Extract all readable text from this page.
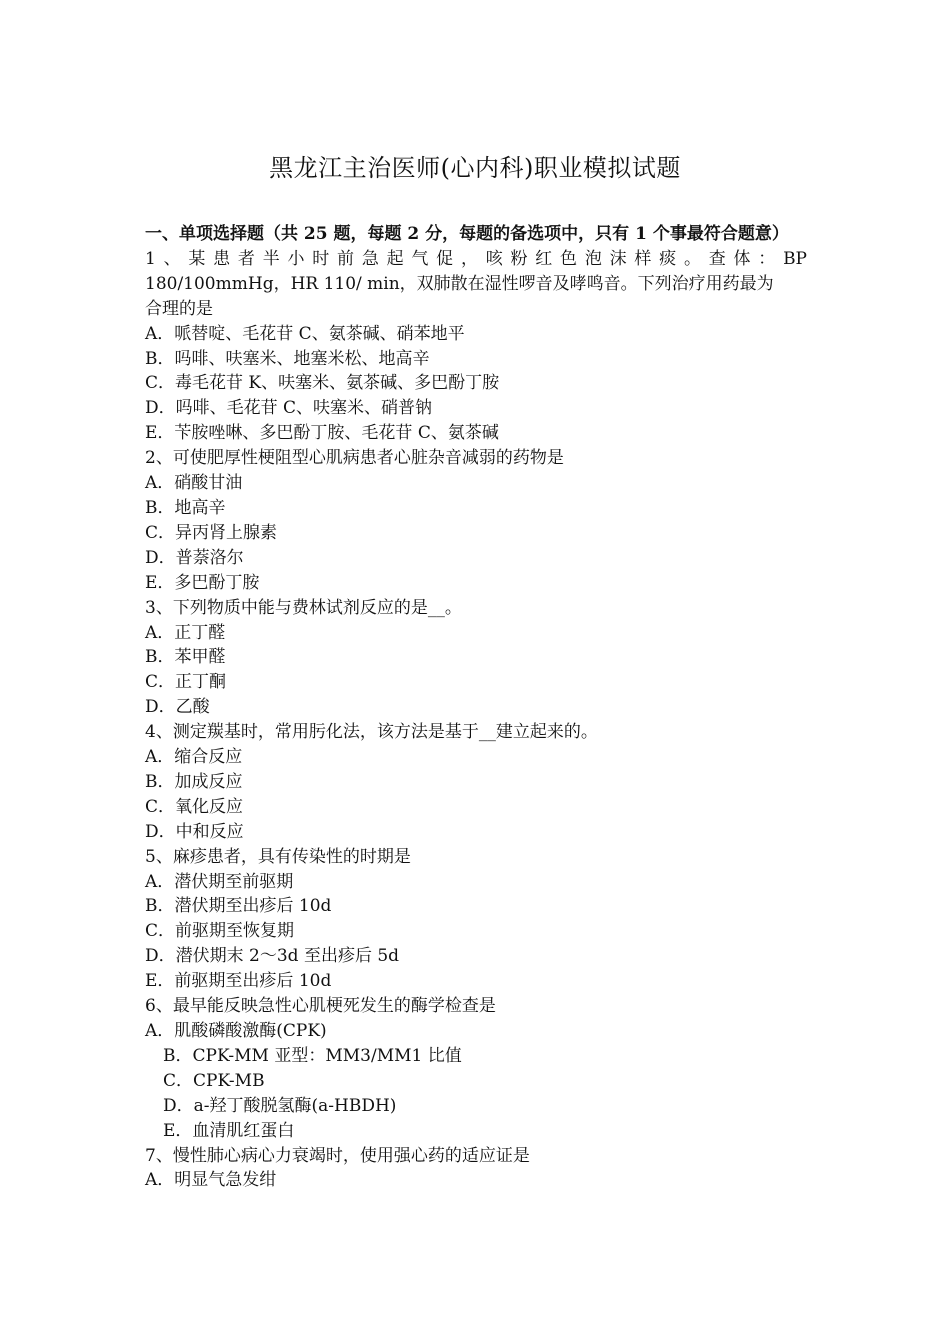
黑龙江主治医师(心内科)职业模拟试题
一、单项选择题（共 25 题，每题 2 分，每题的备选项中，只有 1 个事最符合题意）
1、某患者半小时前急起气促，咳粉红色泡沫样痰。查体：BP
180/100mmHg，HR 110/ min，双肺散在湿性啰音及哮鸣音。下列治疗用药最为
合理的是
A．哌替啶、毛花苷 C、氨茶碱、硝苯地平
B．吗啡、呋塞米、地塞米松、地高辛
C．毒毛花苷 K、呋塞米、氨茶碱、多巴酚丁胺
D．吗啡、毛花苷 C、呋塞米、硝普钠
E．苄胺唑啉、多巴酚丁胺、毛花苷 C、氨茶碱
2、可使肥厚性梗阻型心肌病患者心脏杂音减弱的药物是
A．硝酸甘油
B．地高辛
C．异丙肾上腺素
D．普萘洛尔
E．多巴酚丁胺
3、下列物质中能与费林试剂反应的是__。
A．正丁醛
B．苯甲醛
C．正丁酮
D．乙酸
4、测定羰基时，常用肟化法，该方法是基于__建立起来的。
A．缩合反应
B．加成反应
C．氧化反应
D．中和反应
5、麻疹患者，具有传染性的时期是
A．潜伏期至前驱期
B．潜伏期至出疹后 10d
C．前驱期至恢复期
D．潜伏期末 2～3d 至出疹后 5d
E．前驱期至出疹后 10d
6、最早能反映急性心肌梗死发生的酶学检查是
A．肌酸磷酸激酶(CPK)
B．CPK-MM 亚型：MM3/MM1 比值
C．CPK-MB
D．a-羟丁酸脱氢酶(a-HBDH)
E．血清肌红蛋白
7、慢性肺心病心力衰竭时，使用强心药的适应证是
A．明显气急发绀
